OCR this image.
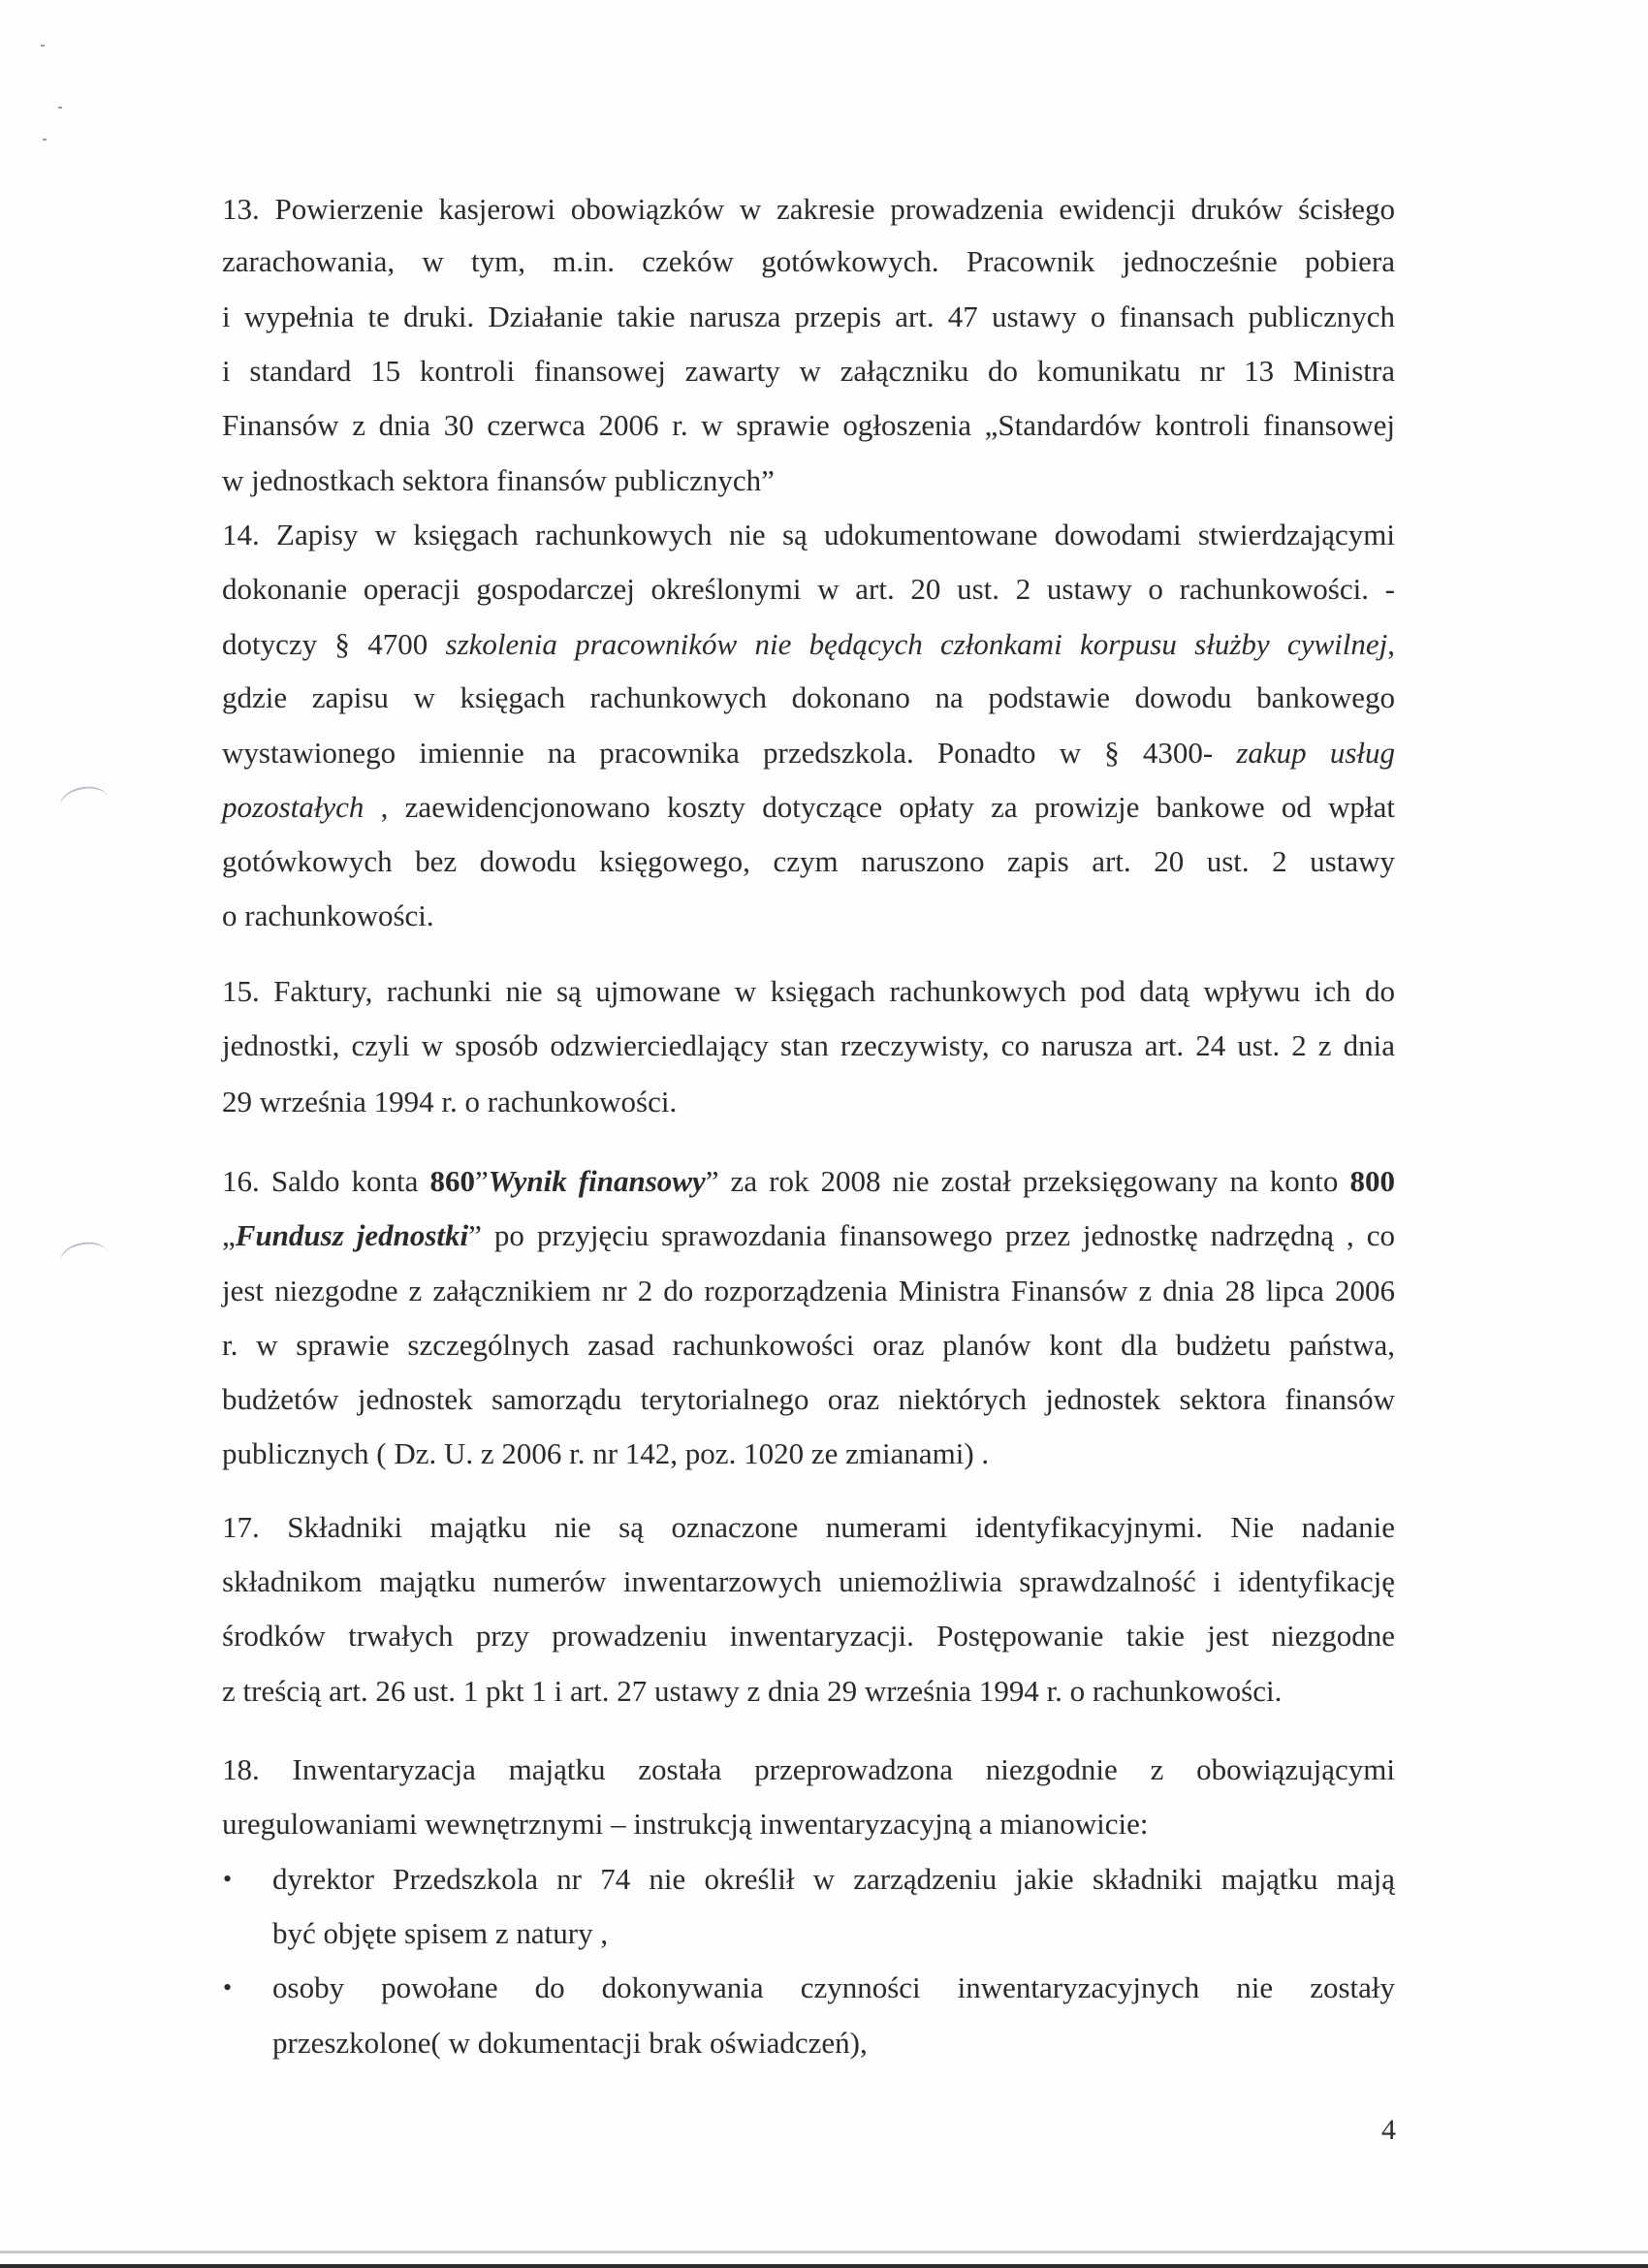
13. Powierzenie kasjerowi obowiązków w zakresie prowadzenia ewidencji druków ścisłego
zarachowania, w tym, m.in. czeków gotówkowych. Pracownik jednocześnie pobiera
i wypełnia te druki. Działanie takie narusza przepis art. 47 ustawy o finansach publicznych
i standard 15 kontroli finansowej zawarty w załączniku do komunikatu nr 13 Ministra
Finansów z dnia 30 czerwca 2006 r. w sprawie ogłoszenia „Standardów kontroli finansowej
w jednostkach sektora finansów publicznych”
14. Zapisy w księgach rachunkowych nie są udokumentowane dowodami stwierdzającymi
dokonanie operacji gospodarczej określonymi w art. 20 ust. 2 ustawy o rachunkowości. -
dotyczy § 4700 szkolenia pracowników nie będących członkami korpusu służby cywilnej,
gdzie zapisu w księgach rachunkowych dokonano na podstawie dowodu bankowego
wystawionego imiennie na pracownika przedszkola. Ponadto w § 4300- zakup usług
pozostałych , zaewidencjonowano koszty dotyczące opłaty za prowizje bankowe od wpłat
gotówkowych bez dowodu księgowego, czym naruszono zapis art. 20 ust. 2 ustawy
o rachunkowości.
15. Faktury, rachunki nie są ujmowane w księgach rachunkowych pod datą wpływu ich do
jednostki, czyli w sposób odzwierciedlający stan rzeczywisty, co narusza art. 24 ust. 2 z dnia
29 września 1994 r. o rachunkowości.
16. Saldo konta 860”Wynik finansowy” za rok 2008 nie został przeksięgowany na konto 800
„Fundusz jednostki” po przyjęciu sprawozdania finansowego przez jednostkę nadrzędną , co
jest niezgodne z załącznikiem nr 2 do rozporządzenia Ministra Finansów z dnia 28 lipca 2006
r. w sprawie szczególnych zasad rachunkowości oraz planów kont dla budżetu państwa,
budżetów jednostek samorządu terytorialnego oraz niektórych jednostek sektora finansów
publicznych ( Dz. U. z 2006 r. nr 142, poz. 1020 ze zmianami) .
17. Składniki majątku nie są oznaczone numerami identyfikacyjnymi. Nie nadanie
składnikom majątku numerów inwentarzowych uniemożliwia sprawdzalność i identyfikację
środków trwałych przy prowadzeniu inwentaryzacji. Postępowanie takie jest niezgodne
z treścią art. 26 ust. 1 pkt 1 i art. 27 ustawy z dnia 29 września 1994 r. o rachunkowości.
18. Inwentaryzacja majątku została przeprowadzona niezgodnie z obowiązującymi
uregulowaniami wewnętrznymi – instrukcją inwentaryzacyjną a mianowicie:
•	dyrektor Przedszkola nr 74 nie określił w zarządzeniu jakie składniki majątku mają
być objęte spisem z natury ,
•	osoby powołane do dokonywania czynności inwentaryzacyjnych nie zostały
przeszkolone( w dokumentacji brak oświadczeń),
4
